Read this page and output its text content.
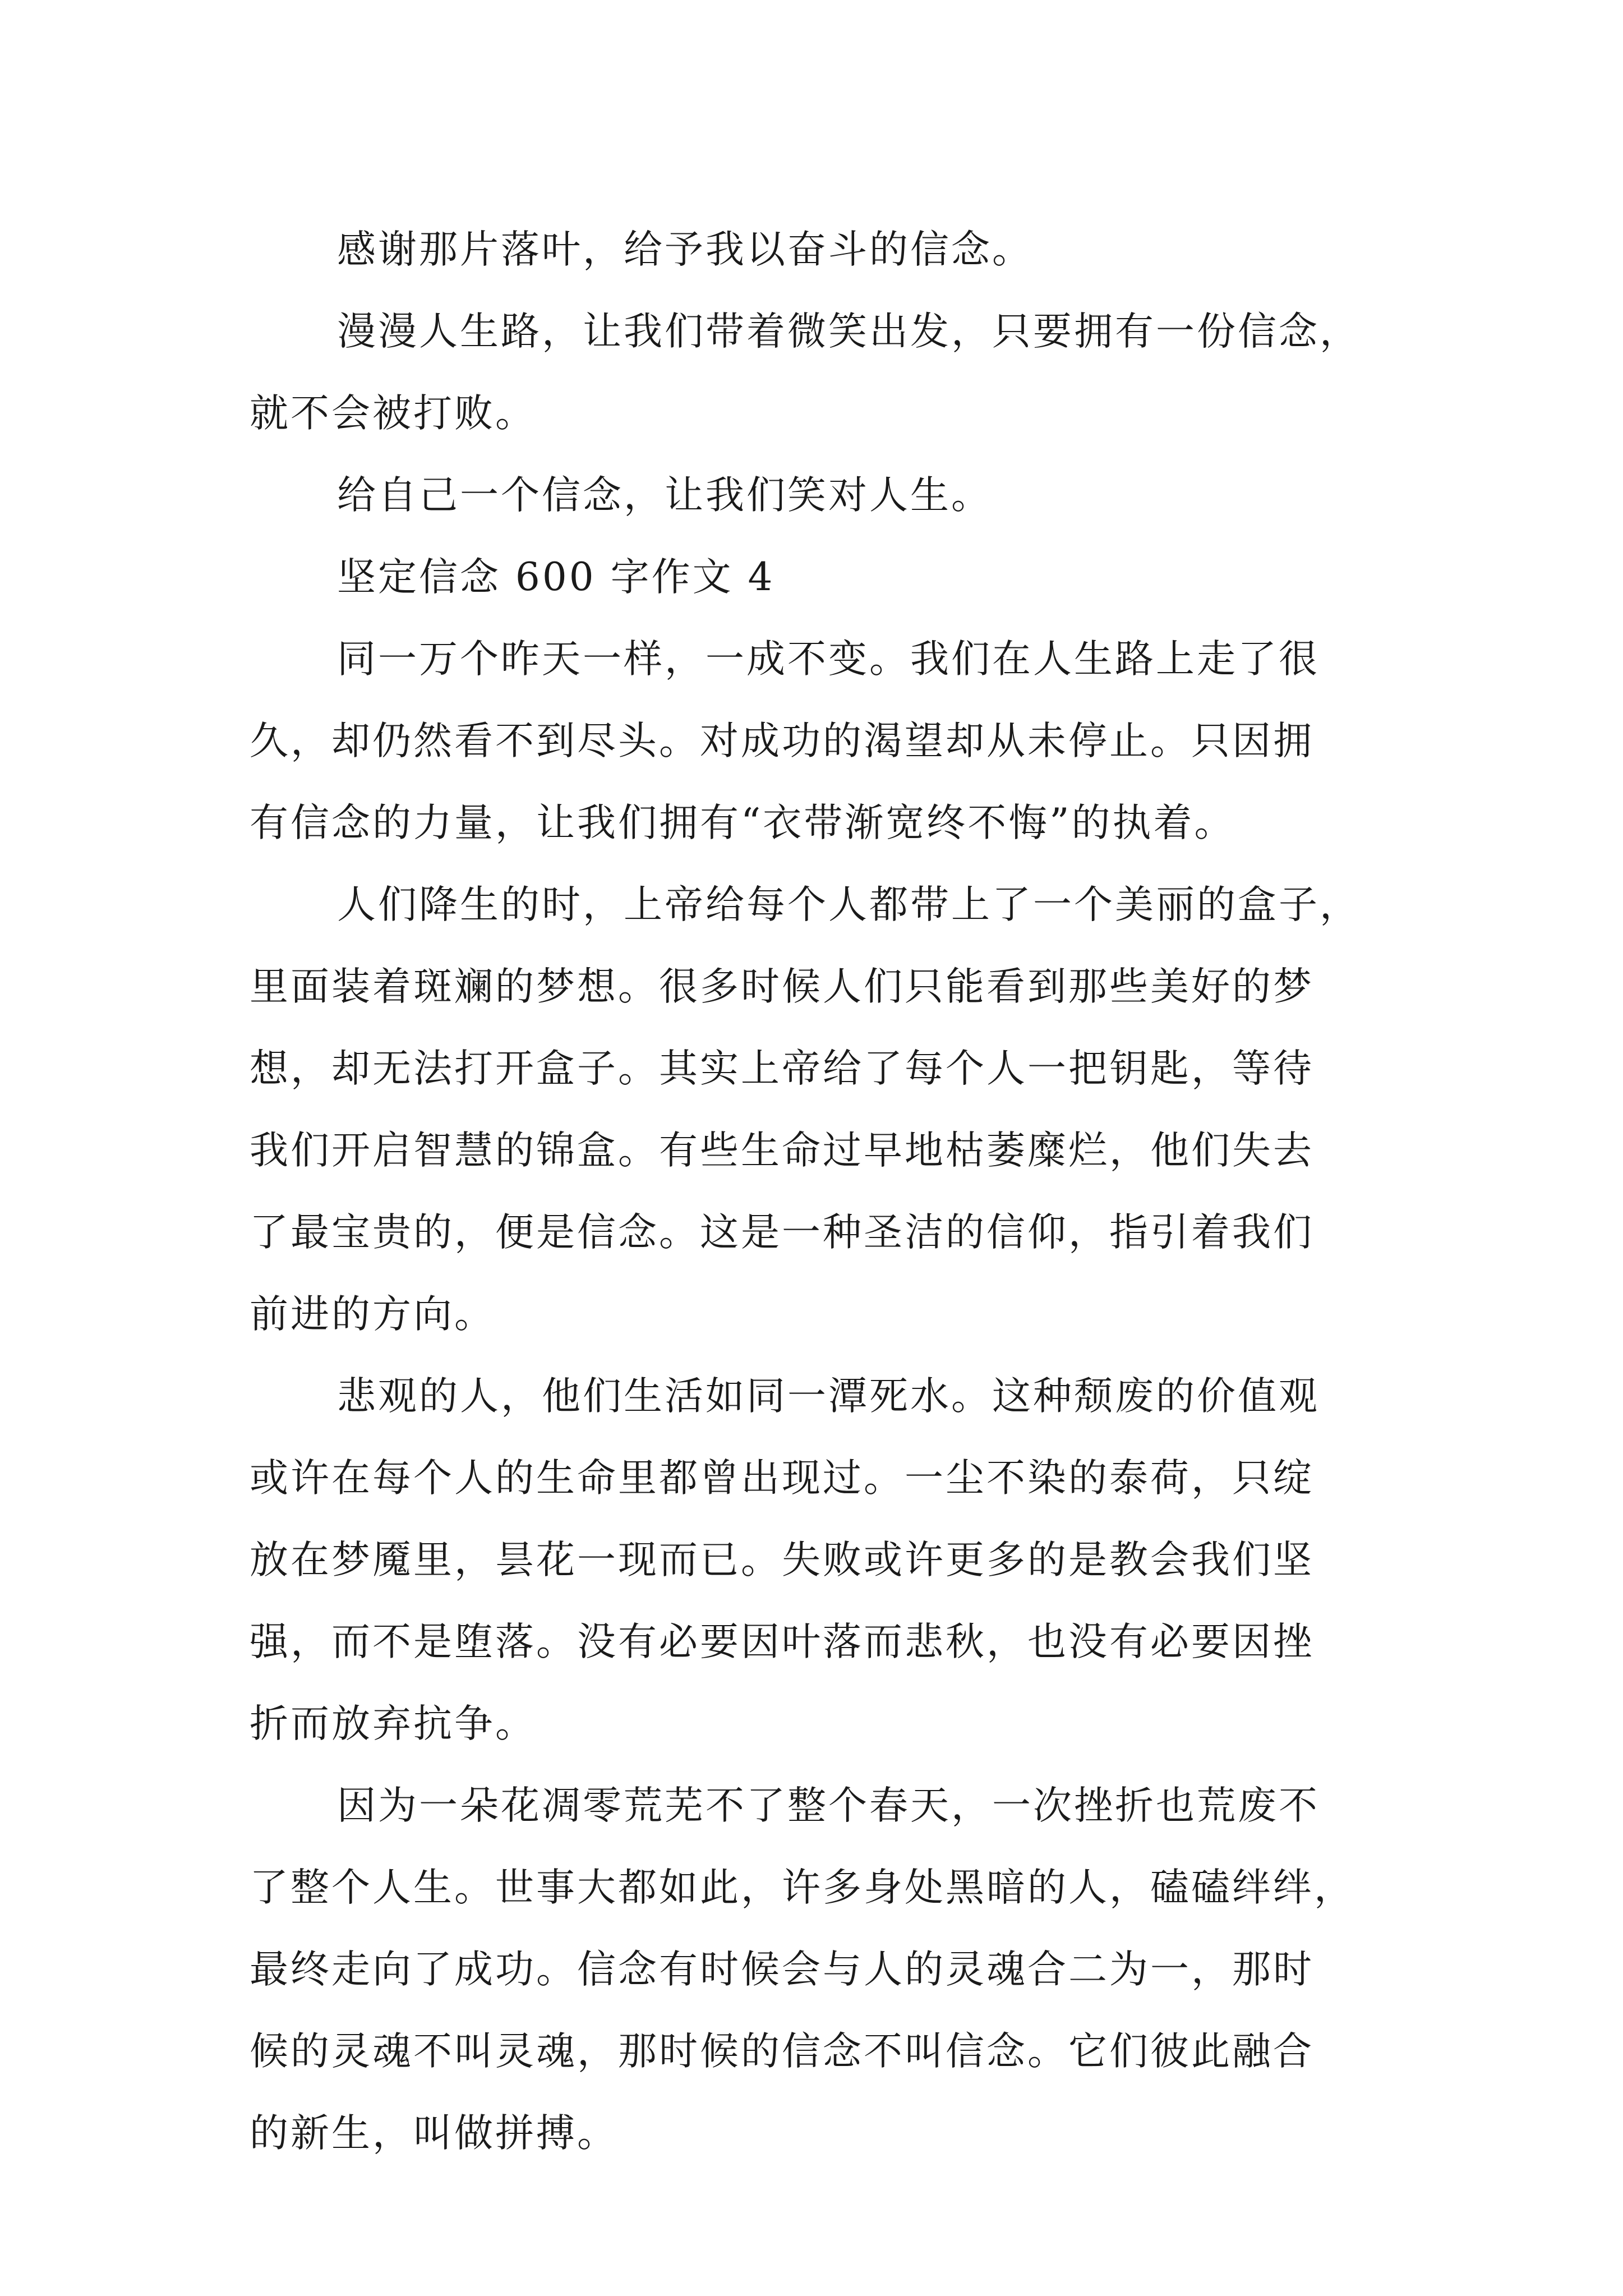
感谢那片落叶，给予我以奋斗的信念。

漫漫人生路，让我们带着微笑出发，只要拥有一份信念，
就不会被打败。

给自己一个信念，让我们笑对人生。

坚定信念 600 字作文 4

同一万个昨天一样，一成不变。我们在人生路上走了很
久，却仍然看不到尽头。对成功的渴望却从未停止。只因拥
有信念的力量，让我们拥有“衣带渐宽终不悔”的执着。

人们降生的时，上帝给每个人都带上了一个美丽的盒子，
里面装着斑斓的梦想。很多时候人们只能看到那些美好的梦
想，却无法打开盒子。其实上帝给了每个人一把钥匙，等待
我们开启智慧的锦盒。有些生命过早地枯萎糜烂，他们失去
了最宝贵的，便是信念。这是一种圣洁的信仰，指引着我们
前进的方向。

悲观的人，他们生活如同一潭死水。这种颓废的价值观
或许在每个人的生命里都曾出现过。一尘不染的泰荷，只绽
放在梦魇里，昙花一现而已。失败或许更多的是教会我们坚
强，而不是堕落。没有必要因叶落而悲秋，也没有必要因挫
折而放弃抗争。

因为一朵花凋零荒芜不了整个春天，一次挫折也荒废不
了整个人生。世事大都如此，许多身处黑暗的人，磕磕绊绊，
最终走向了成功。信念有时候会与人的灵魂合二为一，那时
候的灵魂不叫灵魂，那时候的信念不叫信念。它们彼此融合
的新生，叫做拼搏。
